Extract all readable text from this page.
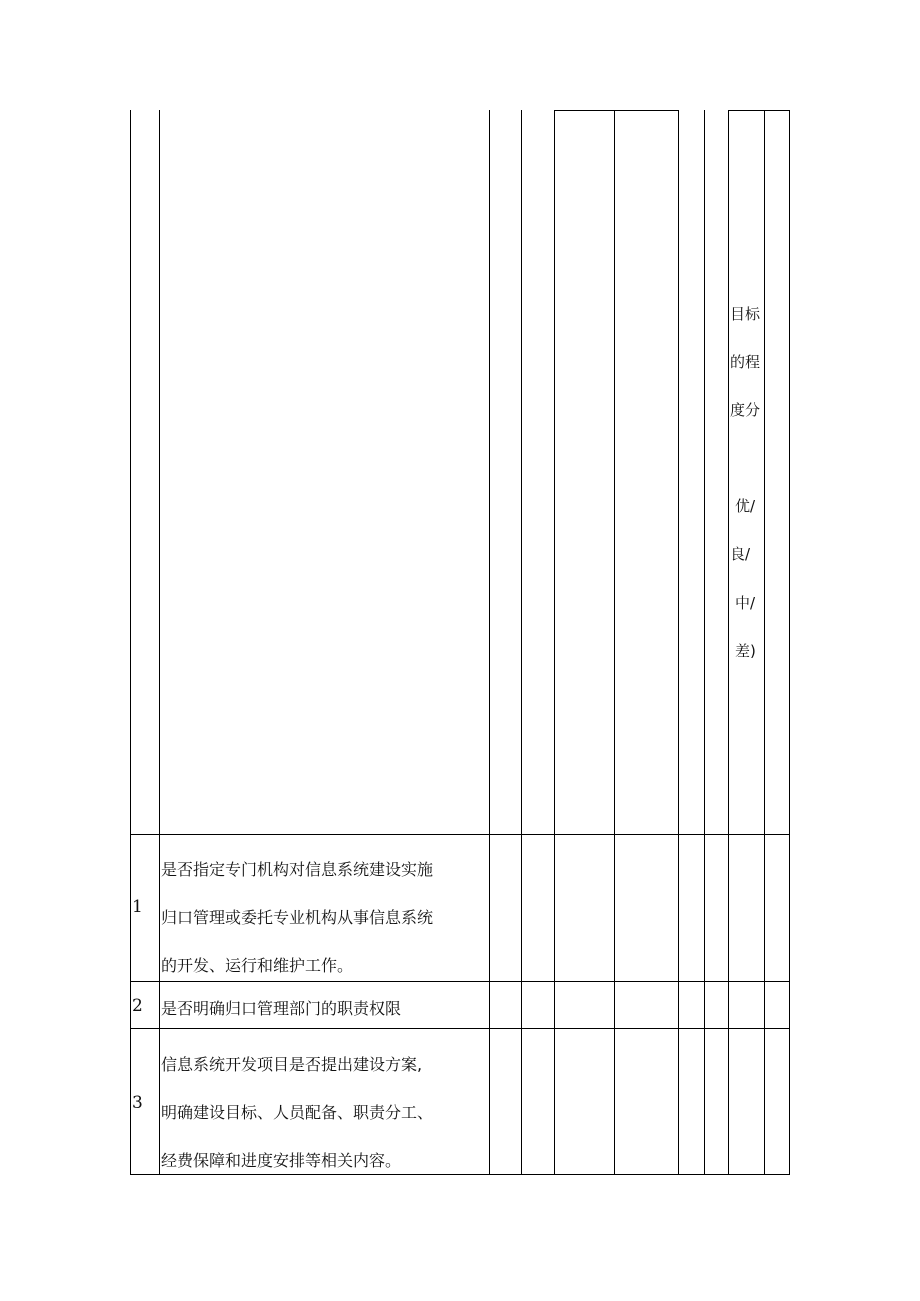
目标
的程
度分
优/
良/
中/
差)
1
是否指定专门机构对信息系统建设实施
归口管理或委托专业机构从事信息系统
的开发、运行和维护工作。
2 是否明确归口管理部门的职责权限
3
信息系统开发项目是否提出建设方案,
明确建设目标、人员配备、职责分工、
经费保障和进度安排等相关内容。
